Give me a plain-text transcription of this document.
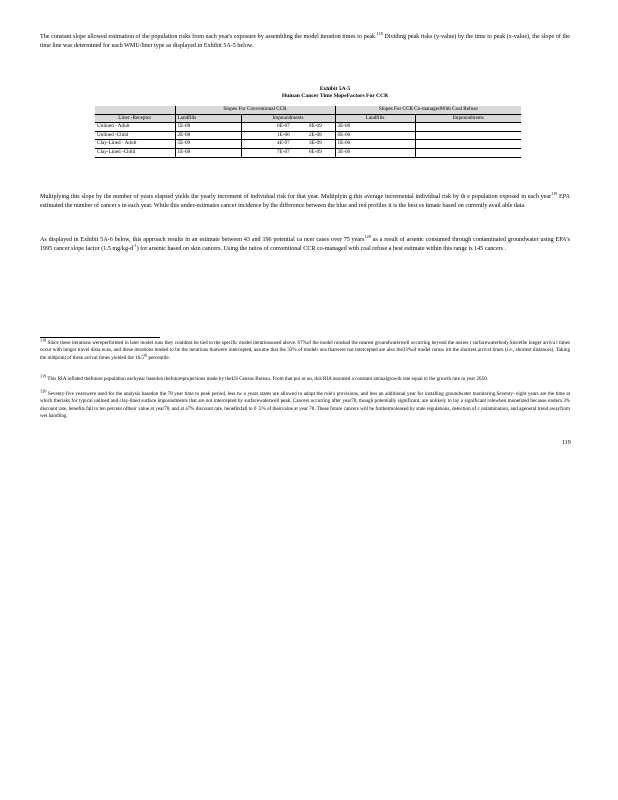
The constant slope allowed estimation of the population risks from each year's exposure by assembling the model iteration times to peak.$^{118}$ Dividing peak risks (y-value) by the time to peak (x-value), the slope of the time line was determined for each WMU/liner type as displayed in Exhibit 5A-5 below.
Exhibit 5A-5
Human Cancer Time SlopeFactors For CCR
	Slopes For Conventional CCR				Slopes For CCR Co-managedWith Coal Refuse	
Liner -Receptor	Landfills	Impoundments			Landfills	Impoundments
Unlined - Adult	1E-08		6E-07	8E-09	3E-06	
Unlined -Child	2E-08		1E-06	2E-08	6E-06	
Clay-Lined - Adult	5E-09		4E-07	3E-09	1E-06	
Clay-Lined -Child	1E-08		7E-07	6E-09	3E-06	
Multiplying this slope by the number of years elapsed yields the yearly increment of individual risk for that year. Multiplyin g this average incremental individual risk by th e population exposed in each year$^{119}$ EPA estimated the number of cancer s in each year. While this under-estimates cancer incidence by the difference between the blue and red profiles it is the best es timate based on currently avail able data.
As displayed in Exhibit 5A-6 below, this approach results in an estimate between 43 and 196 potential ca ncer cases over 75 years$^{120}$ as a result of arsenic consumed through contaminated groundwater using EPA's 1995 cancer slope factor (1.5 $mg/kg-d^{-1}$) for arsenic based on skin cancers. Using the ratios of conventional CCR co-managed with coal refuse a best estimate within this range is 145 cancers .
$^{118}$ Since these iterations wereperformed in later model runs they couldnot be tied to the specific model iterationsused above. 67%of the model runshad the nearest groundwaterwell occurring beyond the neares t surfacewaterbody.Sincethe longer arriva l times occur with longer travel dista nces, and these iterations tended to be the iterations thatwere intercepted, assume that the 33% of modelr uns thatwere not intercepted are also the33%of model runsw ith the shortest arrival times (i.e., shortest distances). Taking the midpoint of these arrival times yielded the 16.5th percentile.
$^{119}$ This RIA inflated thefuture population eachyear basedon thefutureprojections made by theUS Census Bureau. From that poi nt on, this RIA assumed a constant annualgrowth rate equal to the growth rate in year 2050.
$^{120}$ Seventy-five yearswere used for the analysis basedon the 78 year time to peak period, less tw o years states are allowed to adopt the rule's provisions, and less an additional year for installing groundwater monitoring.Seventy- eight years are the time at which theriaks for typical unlined and clay-lined surface impoundments that are not intercepted by surfacewaterwell peak. Cancers occurring after year78, though potentially significant, are unlikely to lay a significant rolewhen monetized because undera 3% discount rate, benefits fall to ten percent oftheir value at year78, and at a7% discount rate, benefitsfall to 0 .5% of theirvalue at year 78. These future cancers will be furthermoleased by state regulations, detection of c ontamination, and ageneral trend awayfrom wet handling.
119
